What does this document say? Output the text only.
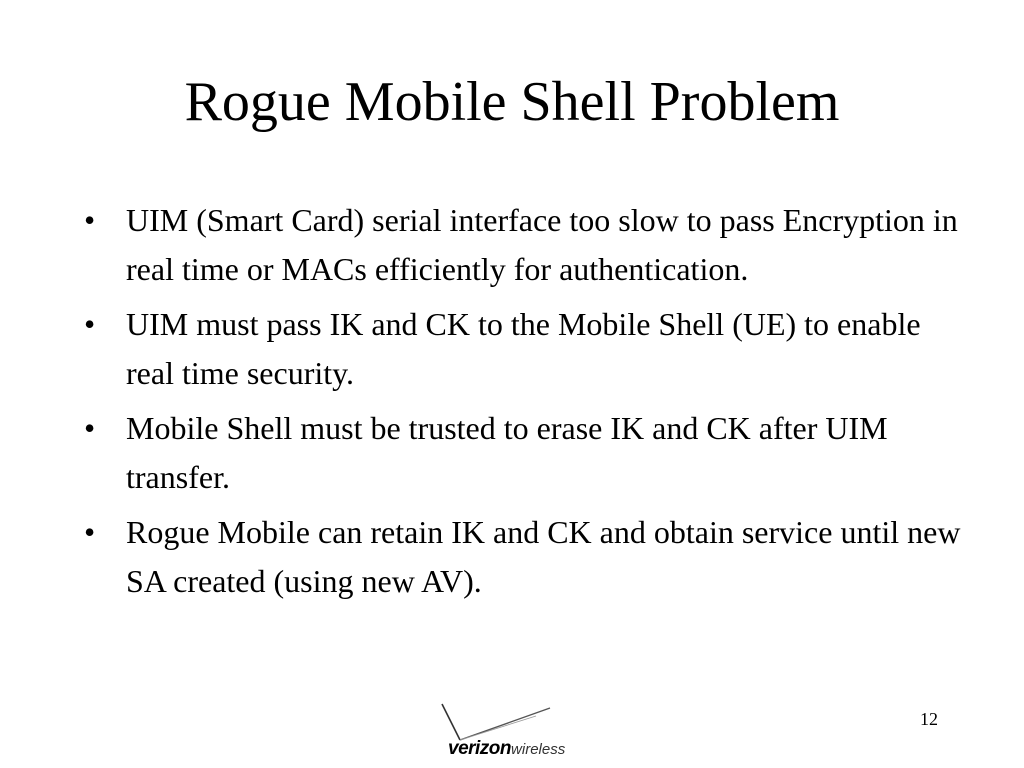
Rogue Mobile Shell Problem
• UIM (Smart Card) serial interface too slow to pass Encryption in real time or MACs efficiently for authentication.
• UIM must pass IK and CK to the Mobile Shell (UE) to enable real time security.
• Mobile Shell must be trusted to erase IK and CK after UIM transfer.
• Rogue Mobile can retain IK and CK and obtain service until new SA created (using new AV).
verizonwireless
12
